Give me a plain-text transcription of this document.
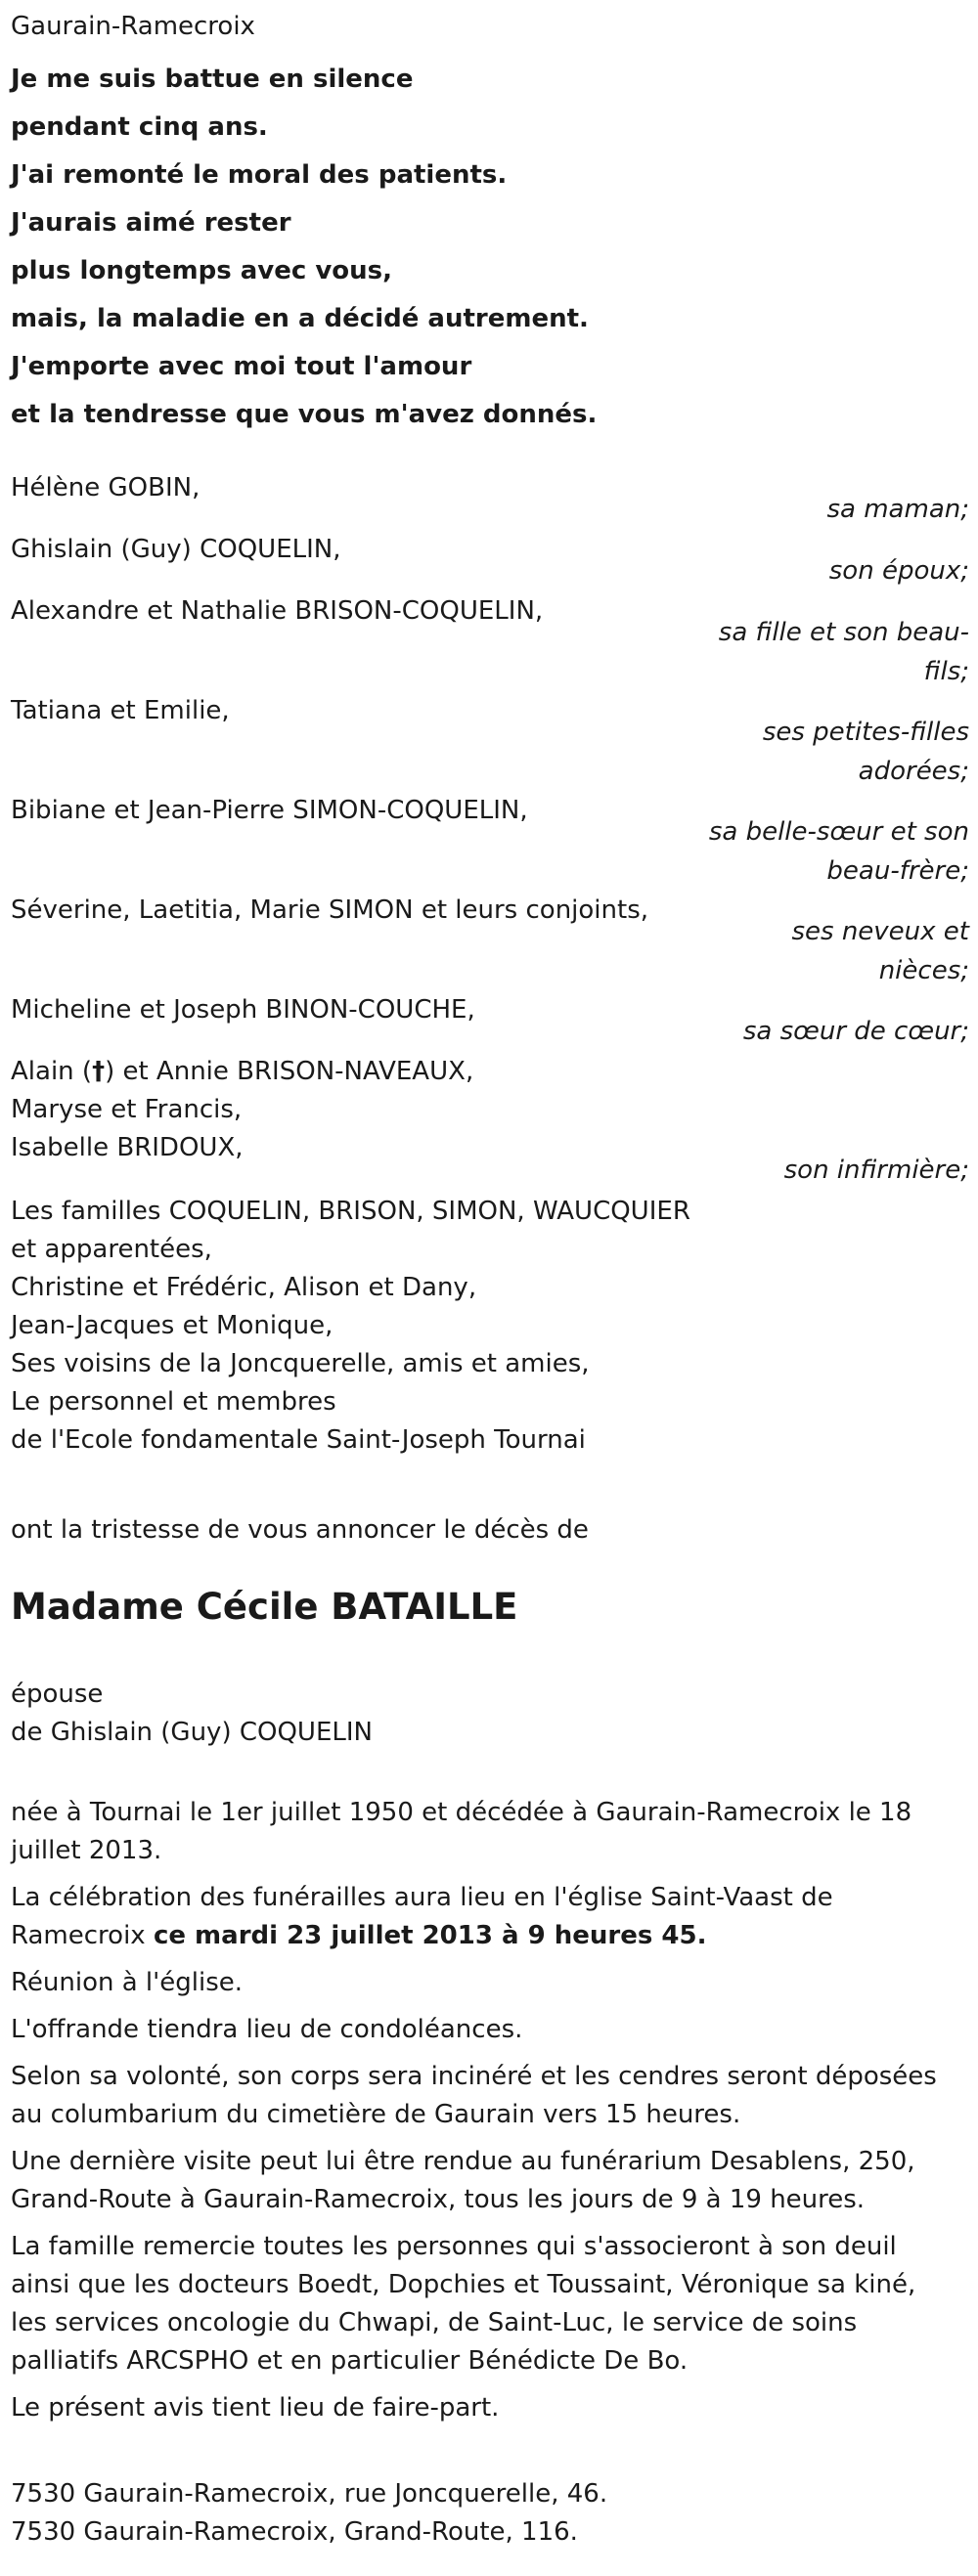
Gaurain-Ramecroix
Je me suis battue en silence
pendant cinq ans.
J'ai remonté le moral des patients.
J'aurais aimé rester
plus longtemps avec vous,
mais, la maladie en a décidé autrement.
J'emporte avec moi tout l'amour
et la tendresse que vous m'avez donnés.
Hélène GOBIN,
sa maman;
Ghislain (Guy) COQUELIN,
son époux;
Alexandre et Nathalie BRISON-COQUELIN,
sa fille et son beau-fils;
Tatiana et Emilie,
ses petites-filles adorées;
Bibiane et Jean-Pierre SIMON-COQUELIN,
sa belle-sœur et son beau-frère;
Séverine, Laetitia, Marie SIMON et leurs conjoints,
ses neveux et nièces;
Micheline et Joseph BINON-COUCHE,
sa sœur de cœur;
Alain (†) et Annie BRISON-NAVEAUX,
Maryse et Francis,
Isabelle BRIDOUX,
son infirmière;
Les familles COQUELIN, BRISON, SIMON, WAUCQUIER
et apparentées,
Christine et Frédéric, Alison et Dany,
Jean-Jacques et Monique,
Ses voisins de la Joncquerelle, amis et amies,
Le personnel et membres
de l'Ecole fondamentale Saint-Joseph Tournai
ont la tristesse de vous annoncer le décès de
Madame Cécile BATAILLE
épouse
de Ghislain (Guy) COQUELIN
née à Tournai le 1er juillet 1950 et décédée à Gaurain-Ramecroix le 18 juillet 2013.
La célébration des funérailles aura lieu en l'église Saint-Vaast de Ramecroix ce mardi 23 juillet 2013 à 9 heures 45.
Réunion à l'église.
L'offrande tiendra lieu de condoléances.
Selon sa volonté, son corps sera incinéré et les cendres seront déposées au columbarium du cimetière de Gaurain vers 15 heures.
Une dernière visite peut lui être rendue au funérarium Desablens, 250, Grand-Route à Gaurain-Ramecroix, tous les jours de 9 à 19 heures.
La famille remercie toutes les personnes qui s'associeront à son deuil ainsi que les docteurs Boedt, Dopchies et Toussaint, Véronique sa kiné, les services oncologie du Chwapi, de Saint-Luc, le service de soins palliatifs ARCSPHO et en particulier Bénédicte De Bo.
Le présent avis tient lieu de faire-part.
7530 Gaurain-Ramecroix, rue Joncquerelle, 46.
7530 Gaurain-Ramecroix, Grand-Route, 116.
